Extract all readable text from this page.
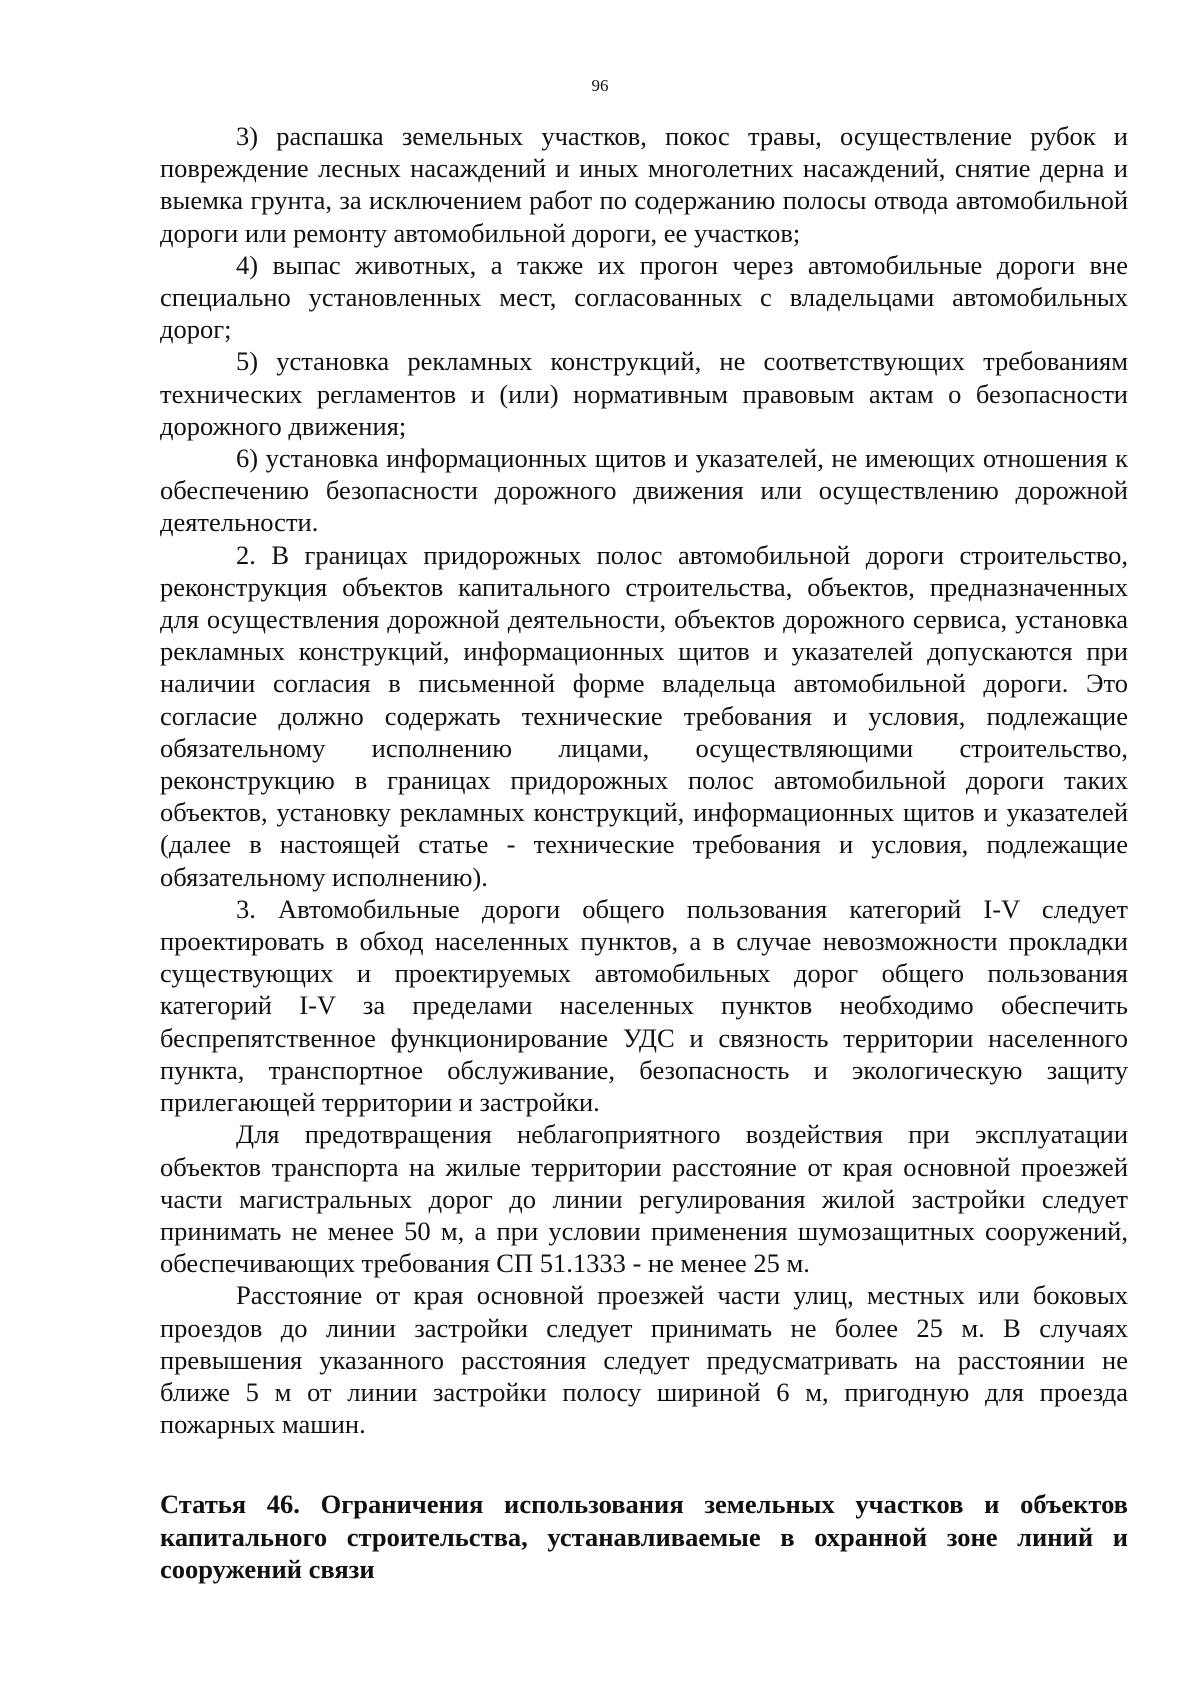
96

3) распашка земельных участков, покос травы, осуществление рубок и повреждение лесных насаждений и иных многолетних насаждений, снятие дерна и выемка грунта, за исключением работ по содержанию полосы отвода автомобильной дороги или ремонту автомобильной дороги, ее участков;

4) выпас животных, а также их прогон через автомобильные дороги вне специально установленных мест, согласованных с владельцами автомобильных дорог;

5) установка рекламных конструкций, не соответствующих требованиям технических регламентов и (или) нормативным правовым актам о безопасности дорожного движения;

6) установка информационных щитов и указателей, не имеющих отношения к обеспечению безопасности дорожного движения или осуществлению дорожной деятельности.

2. В границах придорожных полос автомобильной дороги строительство, реконструкция объектов капитального строительства, объектов, предназначенных для осуществления дорожной деятельности, объектов дорожного сервиса, установка рекламных конструкций, информационных щитов и указателей допускаются при наличии согласия в письменной форме владельца автомобильной дороги. Это согласие должно содержать технические требования и условия, подлежащие обязательному исполнению лицами, осуществляющими строительство, реконструкцию в границах придорожных полос автомобильной дороги таких объектов, установку рекламных конструкций, информационных щитов и указателей (далее в настоящей статье - технические требования и условия, подлежащие обязательному исполнению).

3. Автомобильные дороги общего пользования категорий I-V следует проектировать в обход населенных пунктов, а в случае невозможности прокладки существующих и проектируемых автомобильных дорог общего пользования категорий I-V за пределами населенных пунктов необходимо обеспечить беспрепятственное функционирование УДС и связность территории населенного пункта, транспортное обслуживание, безопасность и экологическую защиту прилегающей территории и застройки.

Для предотвращения неблагоприятного воздействия при эксплуатации объектов транспорта на жилые территории расстояние от края основной проезжей части магистральных дорог до линии регулирования жилой застройки следует принимать не менее 50 м, а при условии применения шумозащитных сооружений, обеспечивающих требования СП 51.1333 - не менее 25 м.

Расстояние от края основной проезжей части улиц, местных или боковых проездов до линии застройки следует принимать не более 25 м. В случаях превышения указанного расстояния следует предусматривать на расстоянии не ближе 5 м от линии застройки полосу шириной 6 м, пригодную для проезда пожарных машин.

Статья 46. Ограничения использования земельных участков и объектов капитального строительства, устанавливаемые в охранной зоне линий и сооружений связи
